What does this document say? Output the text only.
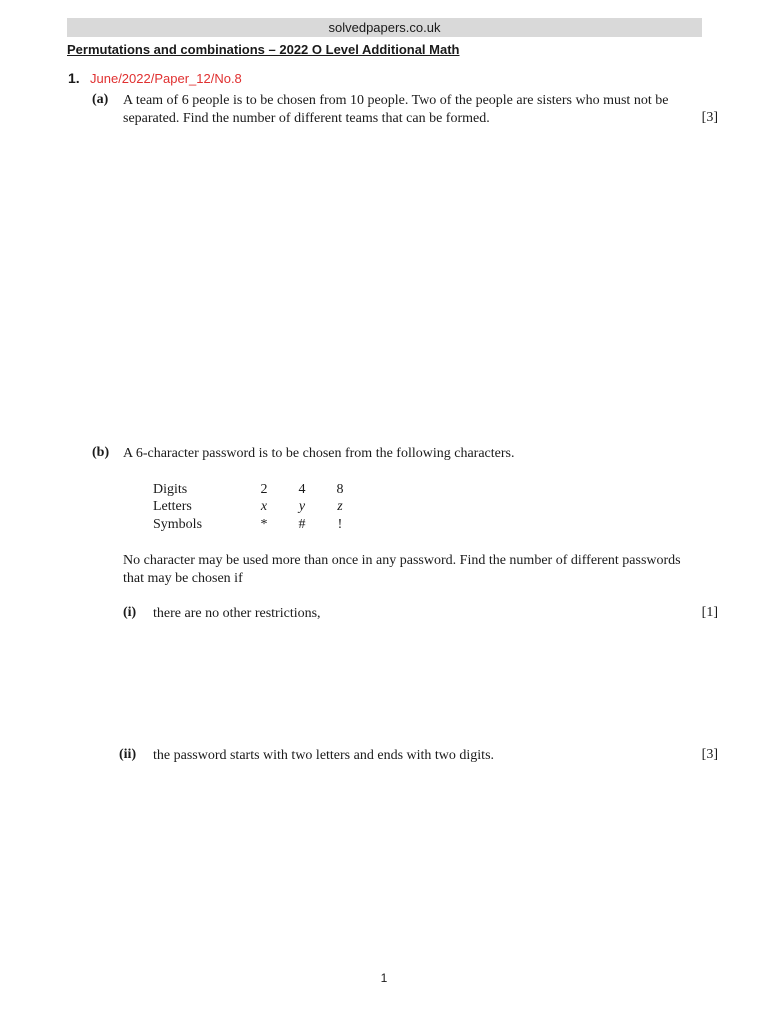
solvedpapers.co.uk
Permutations and combinations – 2022 O Level Additional Math
1. June/2022/Paper_12/No.8
(a) A team of 6 people is to be chosen from 10 people. Two of the people are sisters who must not be
separated. Find the number of different teams that can be formed.	[3]
(b) A 6-character password is to be chosen from the following characters.
Digits	2	4	8
Letters	x	y	z
Symbols	*	#	!
No character may be used more than once in any password. Find the number of different passwords
that may be chosen if
(i) there are no other restrictions,	[1]
(ii) the password starts with two letters and ends with two digits.	[3]
1
